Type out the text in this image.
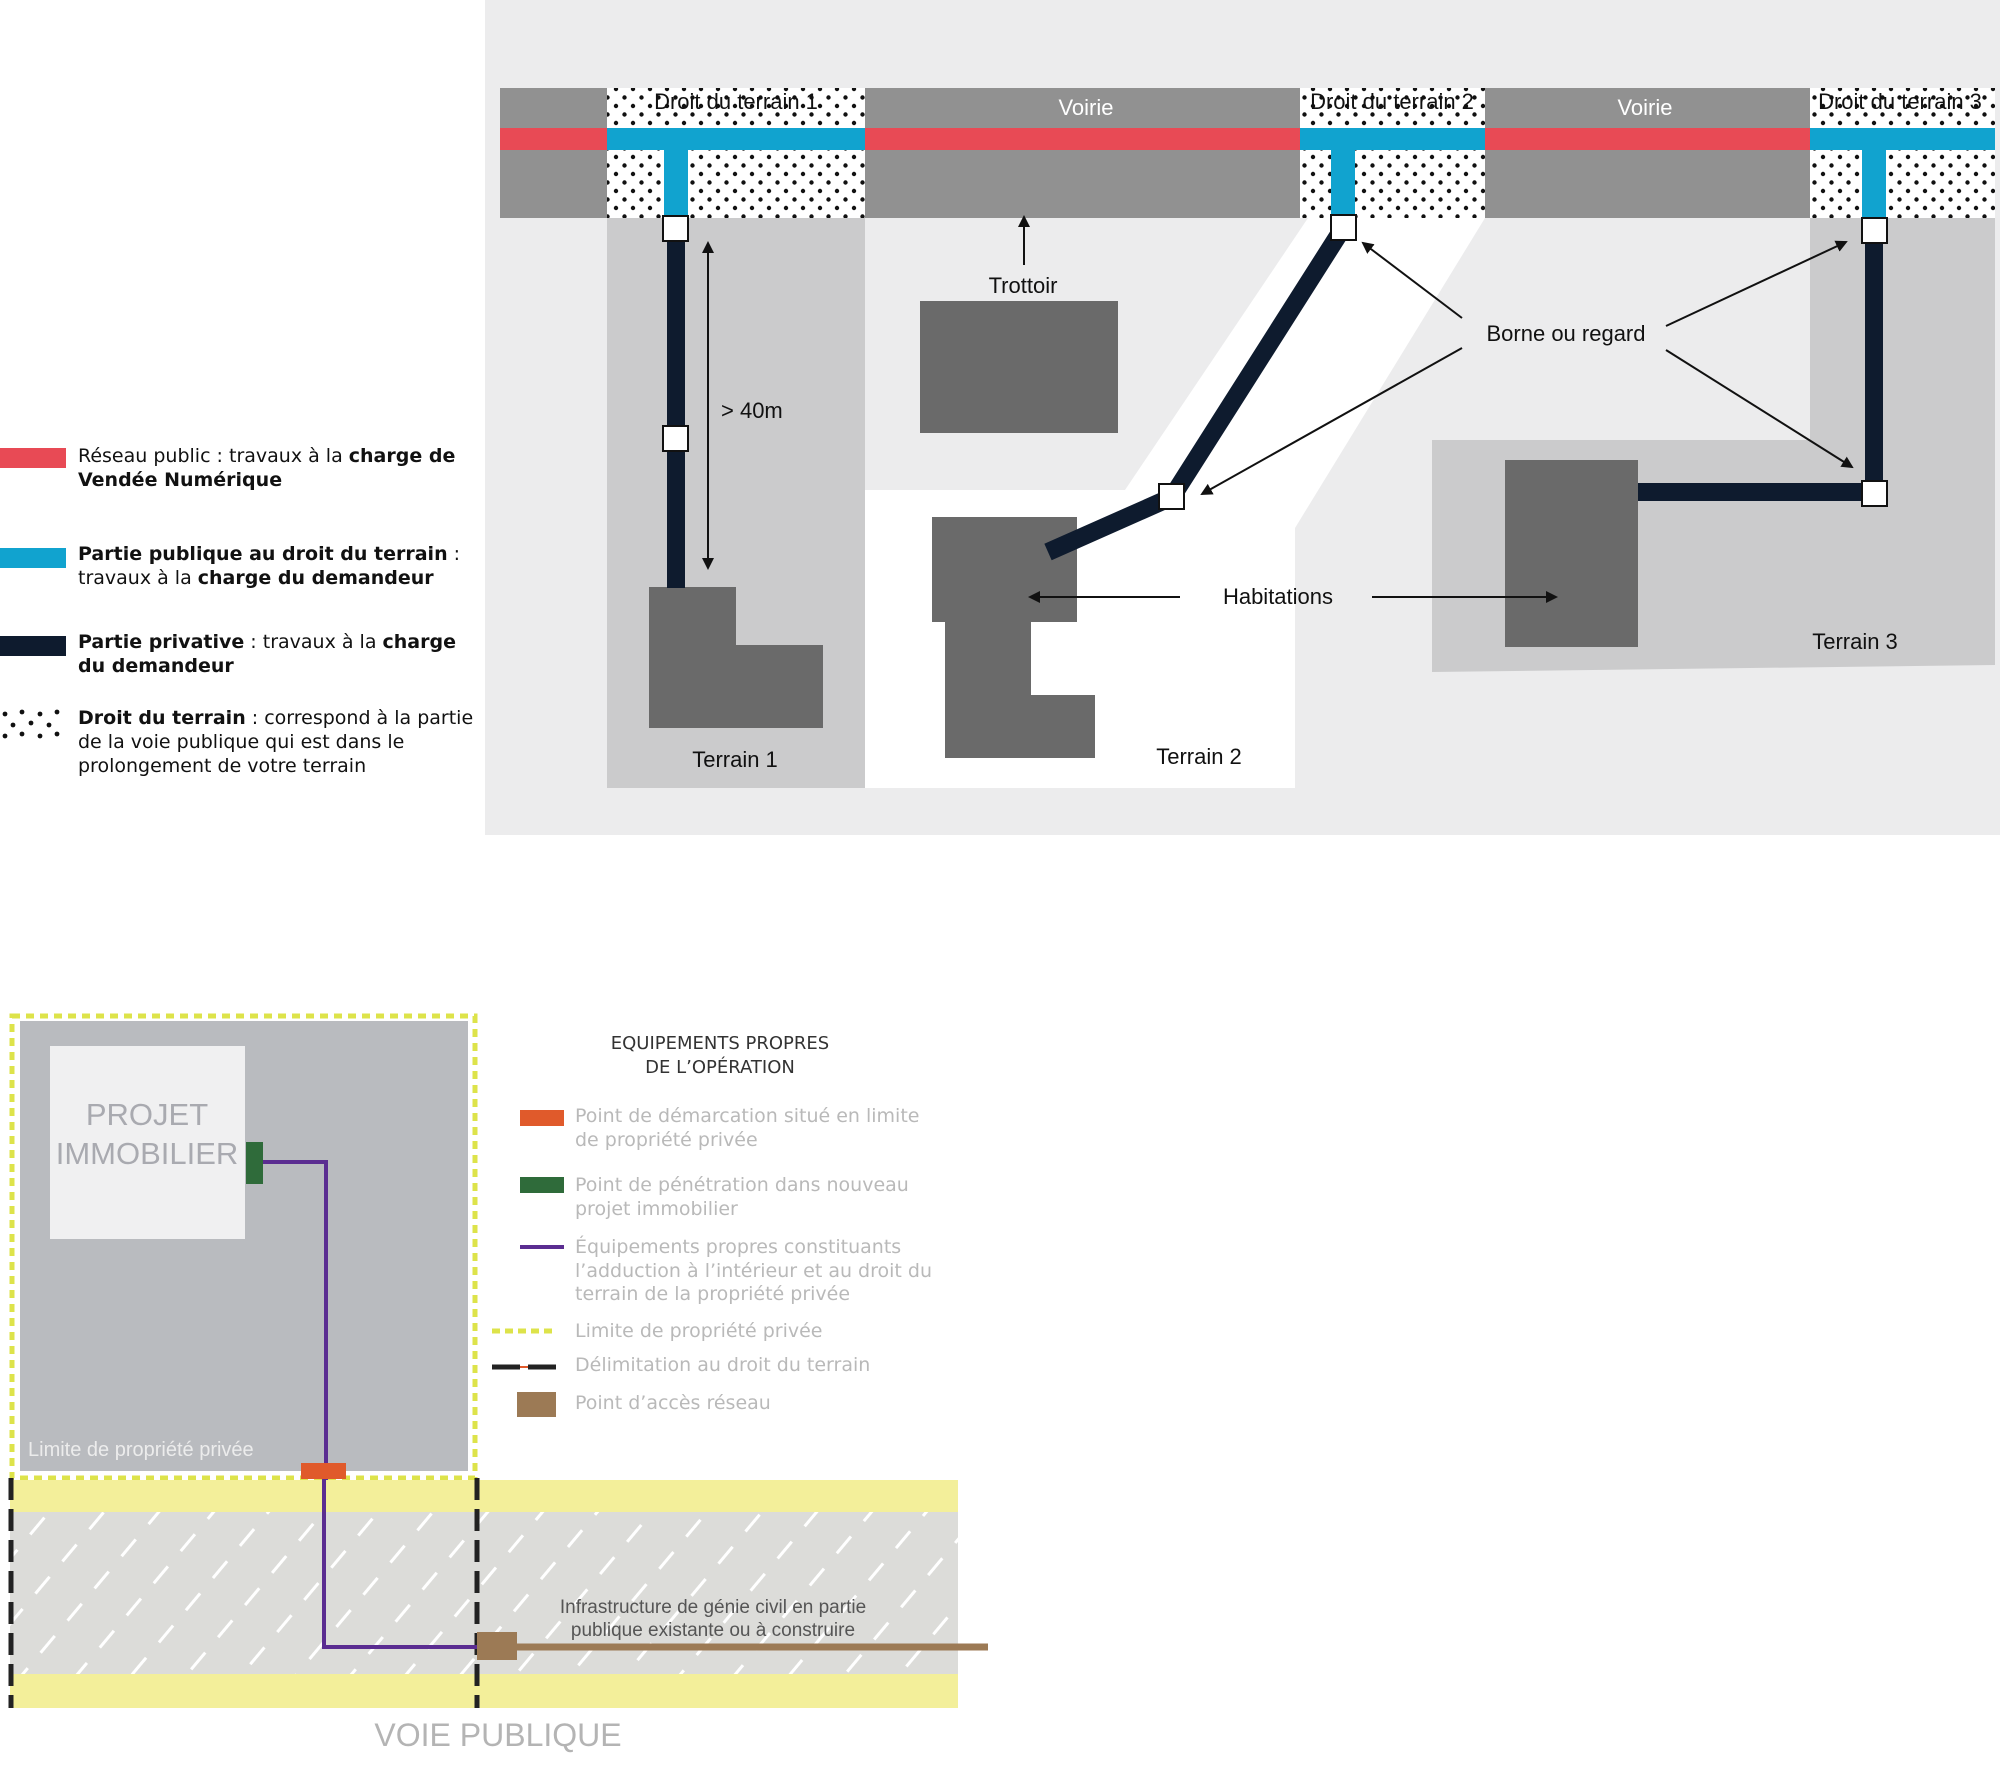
Droit du terrain 1	Droit du terrain 2	Droit du terrain 3
Voirie	Voirie
Trottoir
> 40m
Borne ou regard
Habitations
Terrain 1	Terrain 2
Terrain 3
Réseau public : travaux à la charge de
Vendée Numérique
Partie publique au droit du terrain :
travaux à la charge du demandeur
Partie privative : travaux à la charge
du demandeur
Droit du terrain : correspond à la partie
de la voie publique qui est dans le
prolongement de votre terrain
PROJET
IMMOBILIER
Limite de propriété privée
Infrastructure de génie civil en partie
publique existante ou à construire
VOIE PUBLIQUE
EQUIPEMENTS PROPRES
DE L’OPÉRATION
Point de démarcation situé en limite
de propriété privée
Point de pénétration dans nouveau
projet immobilier
Équipements propres constituants
l’adduction à l’intérieur et au droit du
terrain de la propriété privée
Limite de propriété privée
Délimitation au droit du terrain
Point d’accès réseau
